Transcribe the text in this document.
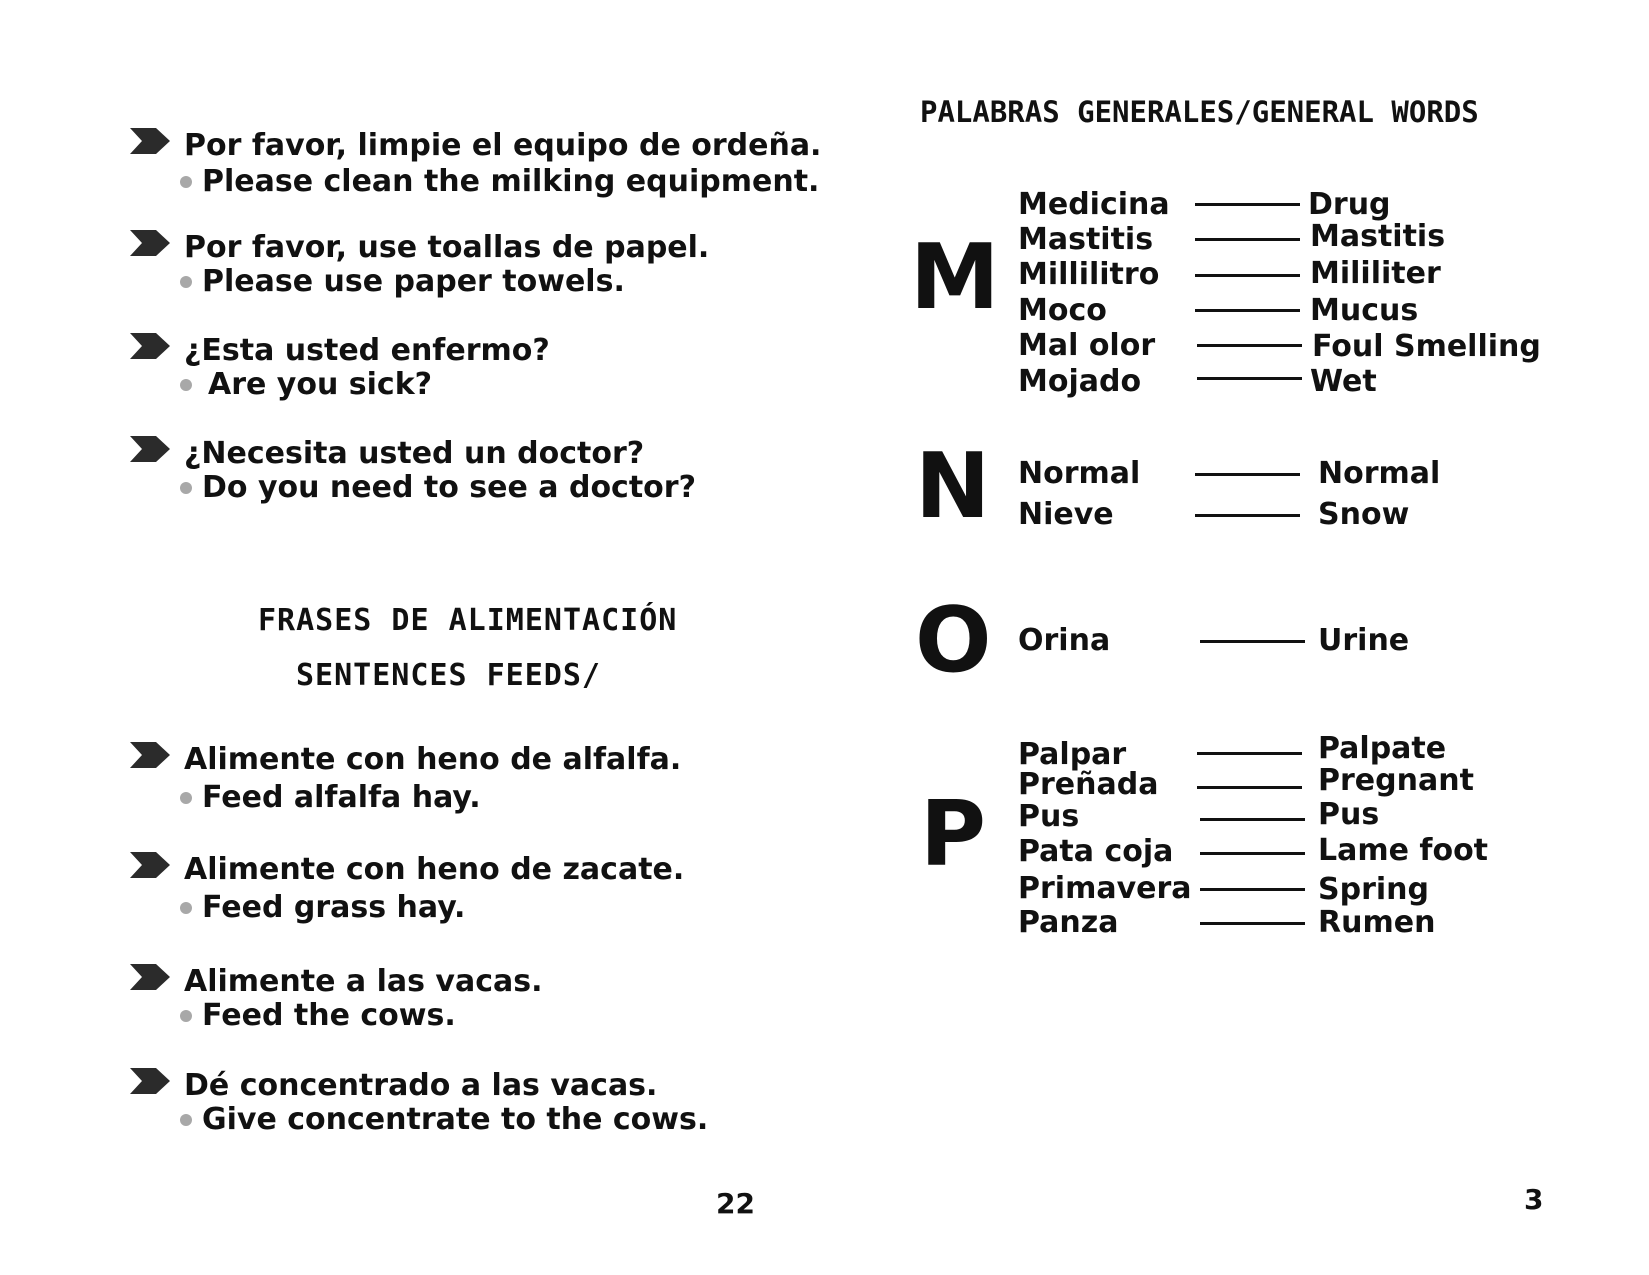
Por favor, limpie el equipo de ordeña.
Please clean the milking equipment.
Por favor, use toallas de papel.
Please use paper towels.
¿Esta usted enfermo?
Are you sick?
¿Necesita usted un doctor?
Do you need to see a doctor?
FRASES DE ALIMENTACIÓN
SENTENCES FEEDS/
Alimente con heno de alfalfa.
Feed alfalfa hay.
Alimente con heno de zacate.
Feed grass hay.
Alimente a las vacas.
Feed the cows.
Dé concentrado a las vacas.
Give concentrate to the cows.
22
PALABRAS GENERALES/GENERAL WORDS
M
Medicina
Mastitis
Millilitro
Moco
Mal olor
Mojado
Drug
Mastitis
Mililiter
Mucus
Foul Smelling
Wet
N Normal
Nieve
Normal
Snow
O Orina	Urine
P
Palpar
Preñada
Pus
Pata coja
Primavera
Panza
Palpate
Pregnant
Pus
Lame foot
Spring
Rumen
3
